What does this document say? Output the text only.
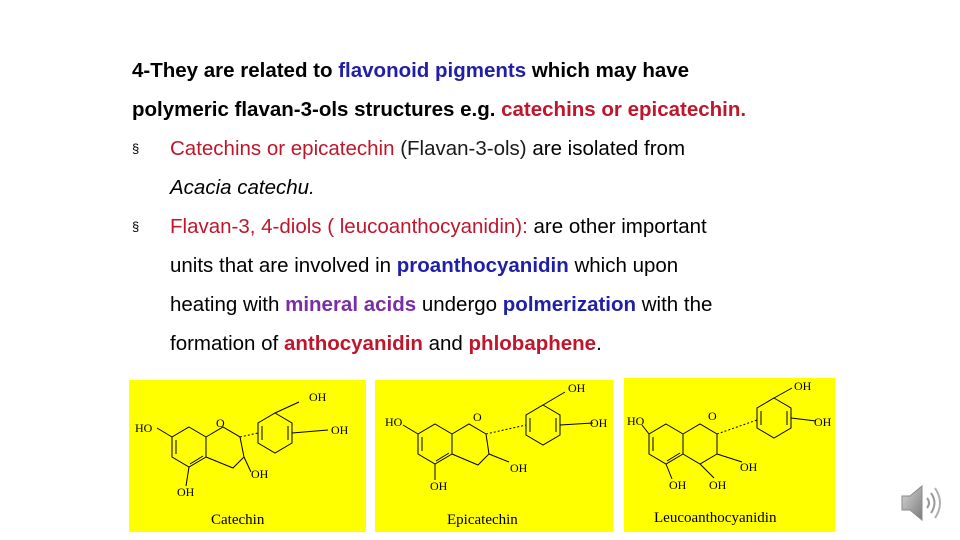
4-They are related to flavonoid pigments which may have
polymeric flavan-3-ols structures e.g. catechins or epicatechin.
§ Catechins or epicatechin (Flavan-3-ols) are isolated from
Acacia catechu.
§ Flavan-3, 4-diols ( leucoanthocyanidin): are other important
units that are involved in proanthocyanidin which upon
heating with mineral acids undergo polmerization with the
formation of anthocyanidin and phlobaphene.
OH
HO	O	OH
OH
OH
Catechin
OH
HO	O	OH
OH
OH
Epicatechin
OH
HO	O	OH
OH
OH OH
Leucoanthocyanidin
